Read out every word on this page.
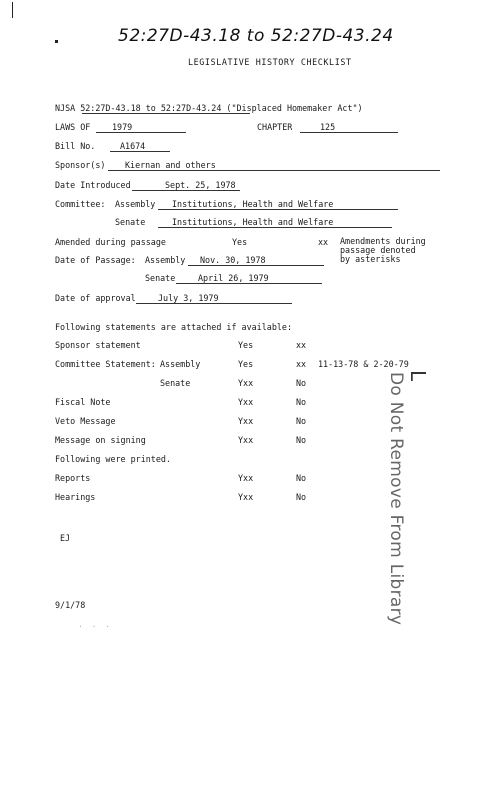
52:27D-43.18 to 52:27D-43.24
LEGISLATIVE HISTORY CHECKLIST
NJSA 52:27D-43.18 to 52:27D-43.24 ("Displaced Homemaker Act")
LAWS OF	1979	CHAPTER	125
Bill No.	A1674
Sponsor(s) Kiernan and others
Date Introduced	Sept. 25, 1978
Committee: Assembly Institutions, Health and Welfare
Senate	Institutions, Health and Welfare
Amended during passage	Yes	xx Amendments during
passage denoted
by asterisks
Date of Passage: Assembly Nov. 30, 1978
Senate	April 26, 1979
Date of approval	July 3, 1979
Following statements are attached if available:
Sponsor statement	Yes	xx
Committee Statement: Assembly	Yes	xx 11-13-78 & 2-20-79
Senate	Yxx	No
Fiscal Note	Yxx	No
Veto Message	Yxx	No
Message on signing	Yxx	No
Following were printed.
Reports	Yxx	No
Hearings	Yxx	No
EJ
9/1/78
· · ·
Do Not Remove From Library L
